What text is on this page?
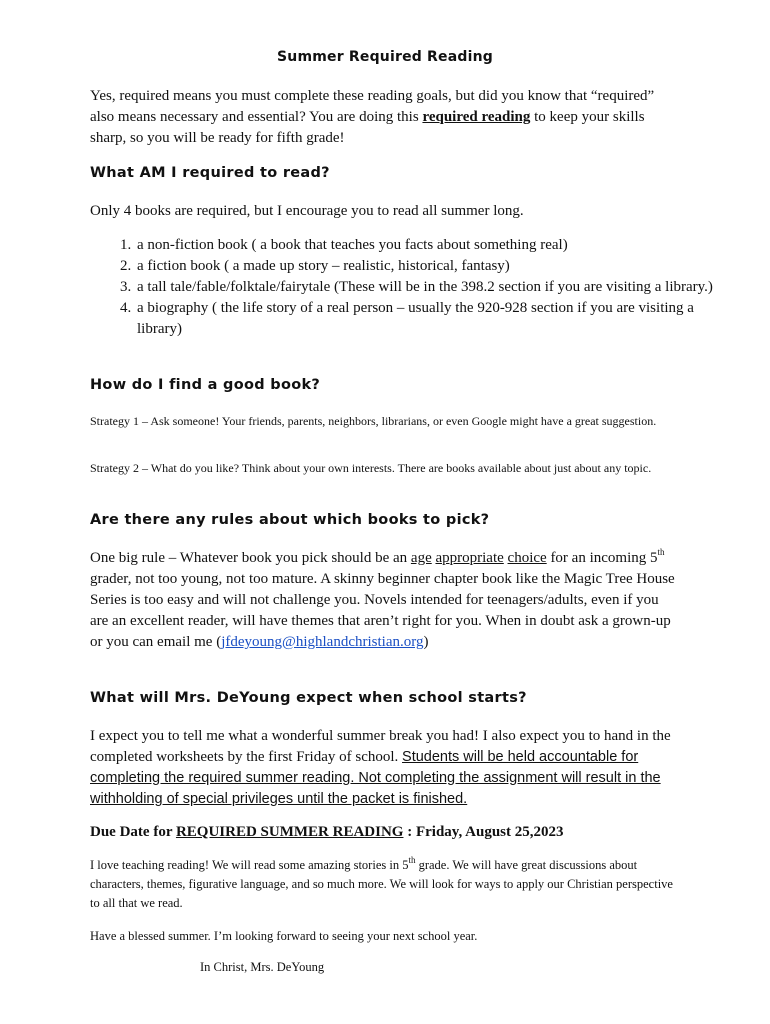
Summer Required Reading

Yes, required means you must complete these reading goals, but did you know that “required” also means necessary and essential? You are doing this required reading to keep your skills sharp, so you will be ready for fifth grade!

What AM I required to read?

Only 4 books are required, but I encourage you to read all summer long.

1. a non-fiction book ( a book that teaches you facts about something real)
2. a fiction book ( a made up story – realistic, historical, fantasy)
3. a tall tale/fable/folktale/fairytale (These will be in the 398.2 section if you are visiting a library.)
4. a biography ( the life story of a real person – usually the 920-928 section if you are visiting a library)
How do I find a good book?

Strategy 1 – Ask someone! Your friends, parents, neighbors, librarians, or even Google might have a great suggestion.

Strategy 2 – What do you like? Think about your own interests. There are books available about just about any topic.

Are there any rules about which books to pick?

One big rule – Whatever book you pick should be an age appropriate choice for an incoming 5th grader, not too young, not too mature. A skinny beginner chapter book like the Magic Tree House Series is too easy and will not challenge you. Novels intended for teenagers/adults, even if you are an excellent reader, will have themes that aren’t right for you. When in doubt ask a grown-up or you can email me (jfdeyoung@highlandchristian.org)

What will Mrs. DeYoung expect when school starts?

I expect you to tell me what a wonderful summer break you had! I also expect you to hand in the completed worksheets by the first Friday of school. Students will be held accountable for completing the required summer reading. Not completing the assignment will result in the withholding of special privileges until the packet is finished.

Due Date for REQUIRED SUMMER READING : Friday, August 25,2023

I love teaching reading! We will read some amazing stories in 5th grade. We will have great discussions about characters, themes, figurative language, and so much more. We will look for ways to apply our Christian perspective to all that we read.

Have a blessed summer. I’m looking forward to seeing your next school year.

In Christ, Mrs. DeYoung
